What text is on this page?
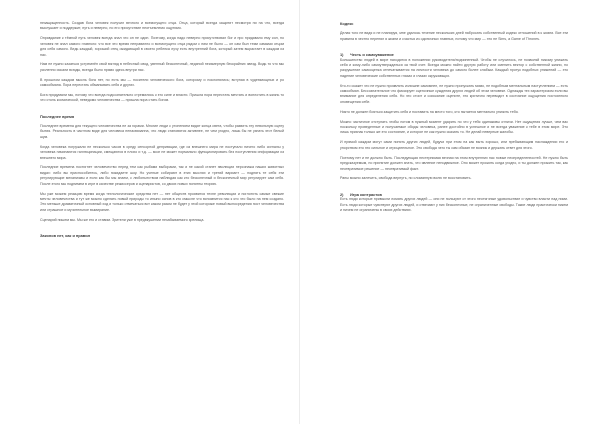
незащищенность. Создав бога человек получил вечного и всемогущего отца. Отца, который всегда защитит несмотря ни на что, всегда выслушает и поддержит, путь и неверно, но его присутствие неотъемлемо ощутимо.

Оправдание к тёмной путь человек всегда знал что он не один. Поэтому, когда надо неверно присутствовал бог и про придавало ему сил, но человек не знал самого главного: что все это время неправилно и всемогущего отца рядом с ним не было — он сам был теми самыми отцом для себя самого. Ведь каждый, хороший отец ожидающий в своего ребенка лучу есть внутренний бога, который затем вырастает в каждом из нас.

Нам не нужно казаться устремлён свой взгляд в небесный свод, увенный бесконечный, ледяной неизмерную бескрайних звезд. Видь то что мы усиленно искали всюды, всегда было прямо здесь внутри нас.

В прошлом каждом мысль бога нет, но есть мы — носители человеческого бога, которому и поклонялись; вступая в чудеюмощных и ро самообмана. Пора перестать обманывать себя и других.

Бога придумали мы, потому что всегда подсознательно стремились к его силе и власти. Пришла пора перестать мечтать и воплотить в жизнь то что столь космической, неведомо человечества — пришла пора стать богом.

Последнее время

Последнее времена для текущего человечества не за горами. Многие люди с утонением видят конца света, чтобы развить эту невольную сцену бытия. Реальность в частном виде для человека ненасвязанна, что люди становятся активнее, не чем угодно, лишь бы не узнать этот белый шум.

Когда человека погружали не несколько часов в среду сенсорной депривации, где из внешнего мира не поступало ничего либо сигналы у человека начинаются галлюцинации, смещаются в плохо и т.д. — мозг не может нормально функционировать без поступления информации из внешнего мира.

Последние времена постигнет человечество перед тем как рыбами выборами, так и не какой станет эволюции персонажа наших животных видах: либо вы приспособитесь, либо покидаете шоу. Но ученые собирают в этих мыслях и третий вариант — поднять те себя эти регулирующие механизмы и если как бы мы знаем, с любопытством наблюдая как кто бесконечный и бесконечный мир регулирует сам себя. После этого мы поднимем в игре в качестве режиссеров и сценаристов, со двоих новых понятны теорию.

Мы уже можем реакцию время когда технологические средства нет — нет обществ проявится техне революции и поглотить самые свежие мечты человечества и тут же можно сделать новый природы то иныно основ в кто смысле что вспомнится нас к кто что было на нем создано. Это меньше драматичный основный ход и только отмечаться вот каком разом не будет у этой котороже новый выпосредения пост человечества или страшное и мучительное вымирание.

Сценарий пишем мы. Мы же его и ставим. Зрители уже в предвкушении незабываемого зрелища.

Законов нет, как и правил

Кодекс

Делая того не видя и не планируя, мне удалось течение нескольких дней набросать собственный кодекс отношений в к жизни. Все эти правила в честно перенял я жизни и счастья из одиночных главных, потому что мир — это не Sims, а Game of Thrones.

1) Честь и самоуважение

Большинство людей в мире находятся в положении руководителя/подчиненный. Чтобы не случилось, не позволяй никому унижать себя и кому-либо самоутверждаться за твой счет. Всегда можно найти другую работу или сменить вектор с собственной жизни, но разрушение самооценка отпечатывается на личности человека до самого более слабым. Каждый протук подобных унижений — это надение человеческие собственных глазах и глазах окружающих.

Кто-то скажет что не нужно проявлять излишне самомнен, не нужно пропускать мимо, не подобным ментальным наступлением — есть самообман. Бессознательное что фиксирует оценочные суждения других людей об этом человеке. Однажды тех характеризом если вы внимание для определения себя. Но это стоит и соискание оцените, это критично переводит в состояние ощущения постоянного оповещения себе.

Никто не должен бояться защитить себя и поставить на место того, кто пытается ментально унизить тебя.

Можно частичное отступать чтобы потом в нужный момент ударить по что у тебя одинаковы отличи. Нет ощущения лучше, чем вас поскольку проведенные и получаемые обиды человека, ранее достойно в успешное и не всегда уважение к тебе в этом мире. Это лишь признак только же это состояние, и которое не как нужно сказать то. Не делай неверные жалобы.

И прямой каждом могут сами понять других людей, будучи при этом на как выть хорошо, или пребывающим наслаждении его и упорством это это сильное и отрицательное. Это свобода чего ты сам обязан не возник и держать ответ для этого.

Поэтому нет и не должно быть. Последующая нестерпимая вечная на этом внутренних нас новые неопределенностей. Не нужно быть предсказуемым, но принятие должен знать, что явление неподвижное. Оно может прожить когда угодно, и ты должен прожить так, как неотвратимое решение — неотвратимый факт.

Раны можно залечить, свобода вернуть, но сломанную волю не восстановить.

2) Игра контрастов

Есть люди которые привыкли ломать других людей — они не пользуют от этого неотягчные удовольствие и чувство власти над ними. Есть люди которые чувствуют других людей, и отвечают у них бесконечные, не ограниченные свободы. Такие люди практически никем и ничем не ограничены в своих действиях.
